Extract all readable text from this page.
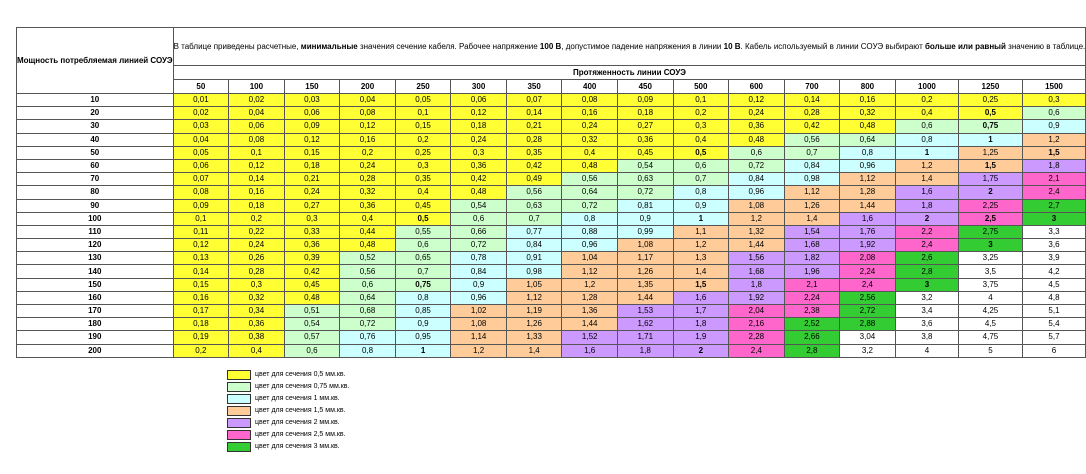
Мощность потребляемая линией СОУЭ	В таблице приведены расчетные, минимальные значения сечение кабеля. Рабочее напряжение 100 В, допустимое падение напряжения в линии 10 В. Кабель используемый в линии СОУЭ выбирают больше или равный значению в таблице.															
	Протяженность линии СОУЭ															
	50	100	150	200	250	300	350	400	450	500	600	700	800	1000	1250	1500
10	0,01	0,02	0,03	0,04	0,05	0,06	0,07	0,08	0,09	0,1	0,12	0,14	0,16	0,2	0,25	0,3
20	0,02	0,04	0,06	0,08	0,1	0,12	0,14	0,16	0,18	0,2	0,24	0,28	0,32	0,4	0,5	0,6
30	0,03	0,06	0,09	0,12	0,15	0,18	0,21	0,24	0,27	0,3	0,36	0,42	0,48	0,6	0,75	0,9
40	0,04	0,08	0,12	0,16	0,2	0,24	0,28	0,32	0,36	0,4	0,48	0,56	0,64	0,8	1	1,2
50	0,05	0,1	0,15	0,2	0,25	0,3	0,35	0,4	0,45	0,5	0,6	0,7	0,8	1	1,25	1,5
60	0,06	0,12	0,18	0,24	0,3	0,36	0,42	0,48	0,54	0,6	0,72	0,84	0,96	1,2	1,5	1,8
70	0,07	0,14	0,21	0,28	0,35	0,42	0,49	0,56	0,63	0,7	0,84	0,98	1,12	1,4	1,75	2,1
80	0,08	0,16	0,24	0,32	0,4	0,48	0,56	0,64	0,72	0,8	0,96	1,12	1,28	1,6	2	2,4
90	0,09	0,18	0,27	0,36	0,45	0,54	0,63	0,72	0,81	0,9	1,08	1,26	1,44	1,8	2,25	2,7
100	0,1	0,2	0,3	0,4	0,5	0,6	0,7	0,8	0,9	1	1,2	1,4	1,6	2	2,5	3
110	0,11	0,22	0,33	0,44	0,55	0,66	0,77	0,88	0,99	1,1	1,32	1,54	1,76	2,2	2,75	3,3
120	0,12	0,24	0,36	0,48	0,6	0,72	0,84	0,96	1,08	1,2	1,44	1,68	1,92	2,4	3	3,6
130	0,13	0,26	0,39	0,52	0,65	0,78	0,91	1,04	1,17	1,3	1,56	1,82	2,08	2,6	3,25	3,9
140	0,14	0,28	0,42	0,56	0,7	0,84	0,98	1,12	1,26	1,4	1,68	1,96	2,24	2,8	3,5	4,2
150	0,15	0,3	0,45	0,6	0,75	0,9	1,05	1,2	1,35	1,5	1,8	2,1	2,4	3	3,75	4,5
160	0,16	0,32	0,48	0,64	0,8	0,96	1,12	1,28	1,44	1,6	1,92	2,24	2,56	3,2	4	4,8
170	0,17	0,34	0,51	0,68	0,85	1,02	1,19	1,36	1,53	1,7	2,04	2,38	2,72	3,4	4,25	5,1
180	0,18	0,36	0,54	0,72	0,9	1,08	1,26	1,44	1,62	1,8	2,16	2,52	2,88	3,6	4,5	5,4
190	0,19	0,38	0,57	0,76	0,95	1,14	1,33	1,52	1,71	1,9	2,28	2,66	3,04	3,8	4,75	5,7
200	0,2	0,4	0,6	0,8	1	1,2	1,4	1,6	1,8	2	2,4	2,8	3,2	4	5	6
цвет для сечения 0,5 мм.кв.
цвет для сечения 0,75 мм.кв.
цвет для сечения 1 мм.кв.
цвет для сечения 1,5 мм.кв.
цвет для сечения 2 мм.кв.
цвет для сечения 2,5 мм.кв.
цвет для сечения 3 мм.кв.
